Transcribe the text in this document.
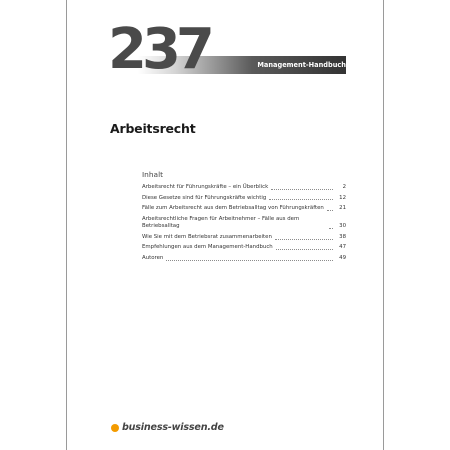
237	Management-Handbuch
Arbeitsrecht
Inhalt
Arbeitsrecht für Führungskräfte – ein Überblick	2
Diese Gesetze sind für Führungskräfte wichtig	12
Fälle zum Arbeitsrecht aus dem Betriebsalltag von Führungskräften	21
Arbeitsrechtliche Fragen für Arbeitnehmer – Fälle aus dem Betriebsalltag	30
Wie Sie mit dem Betriebsrat zusammenarbeiten	38
Empfehlungen aus dem Management-Handbuch	47
Autoren	49
business-wissen.de
